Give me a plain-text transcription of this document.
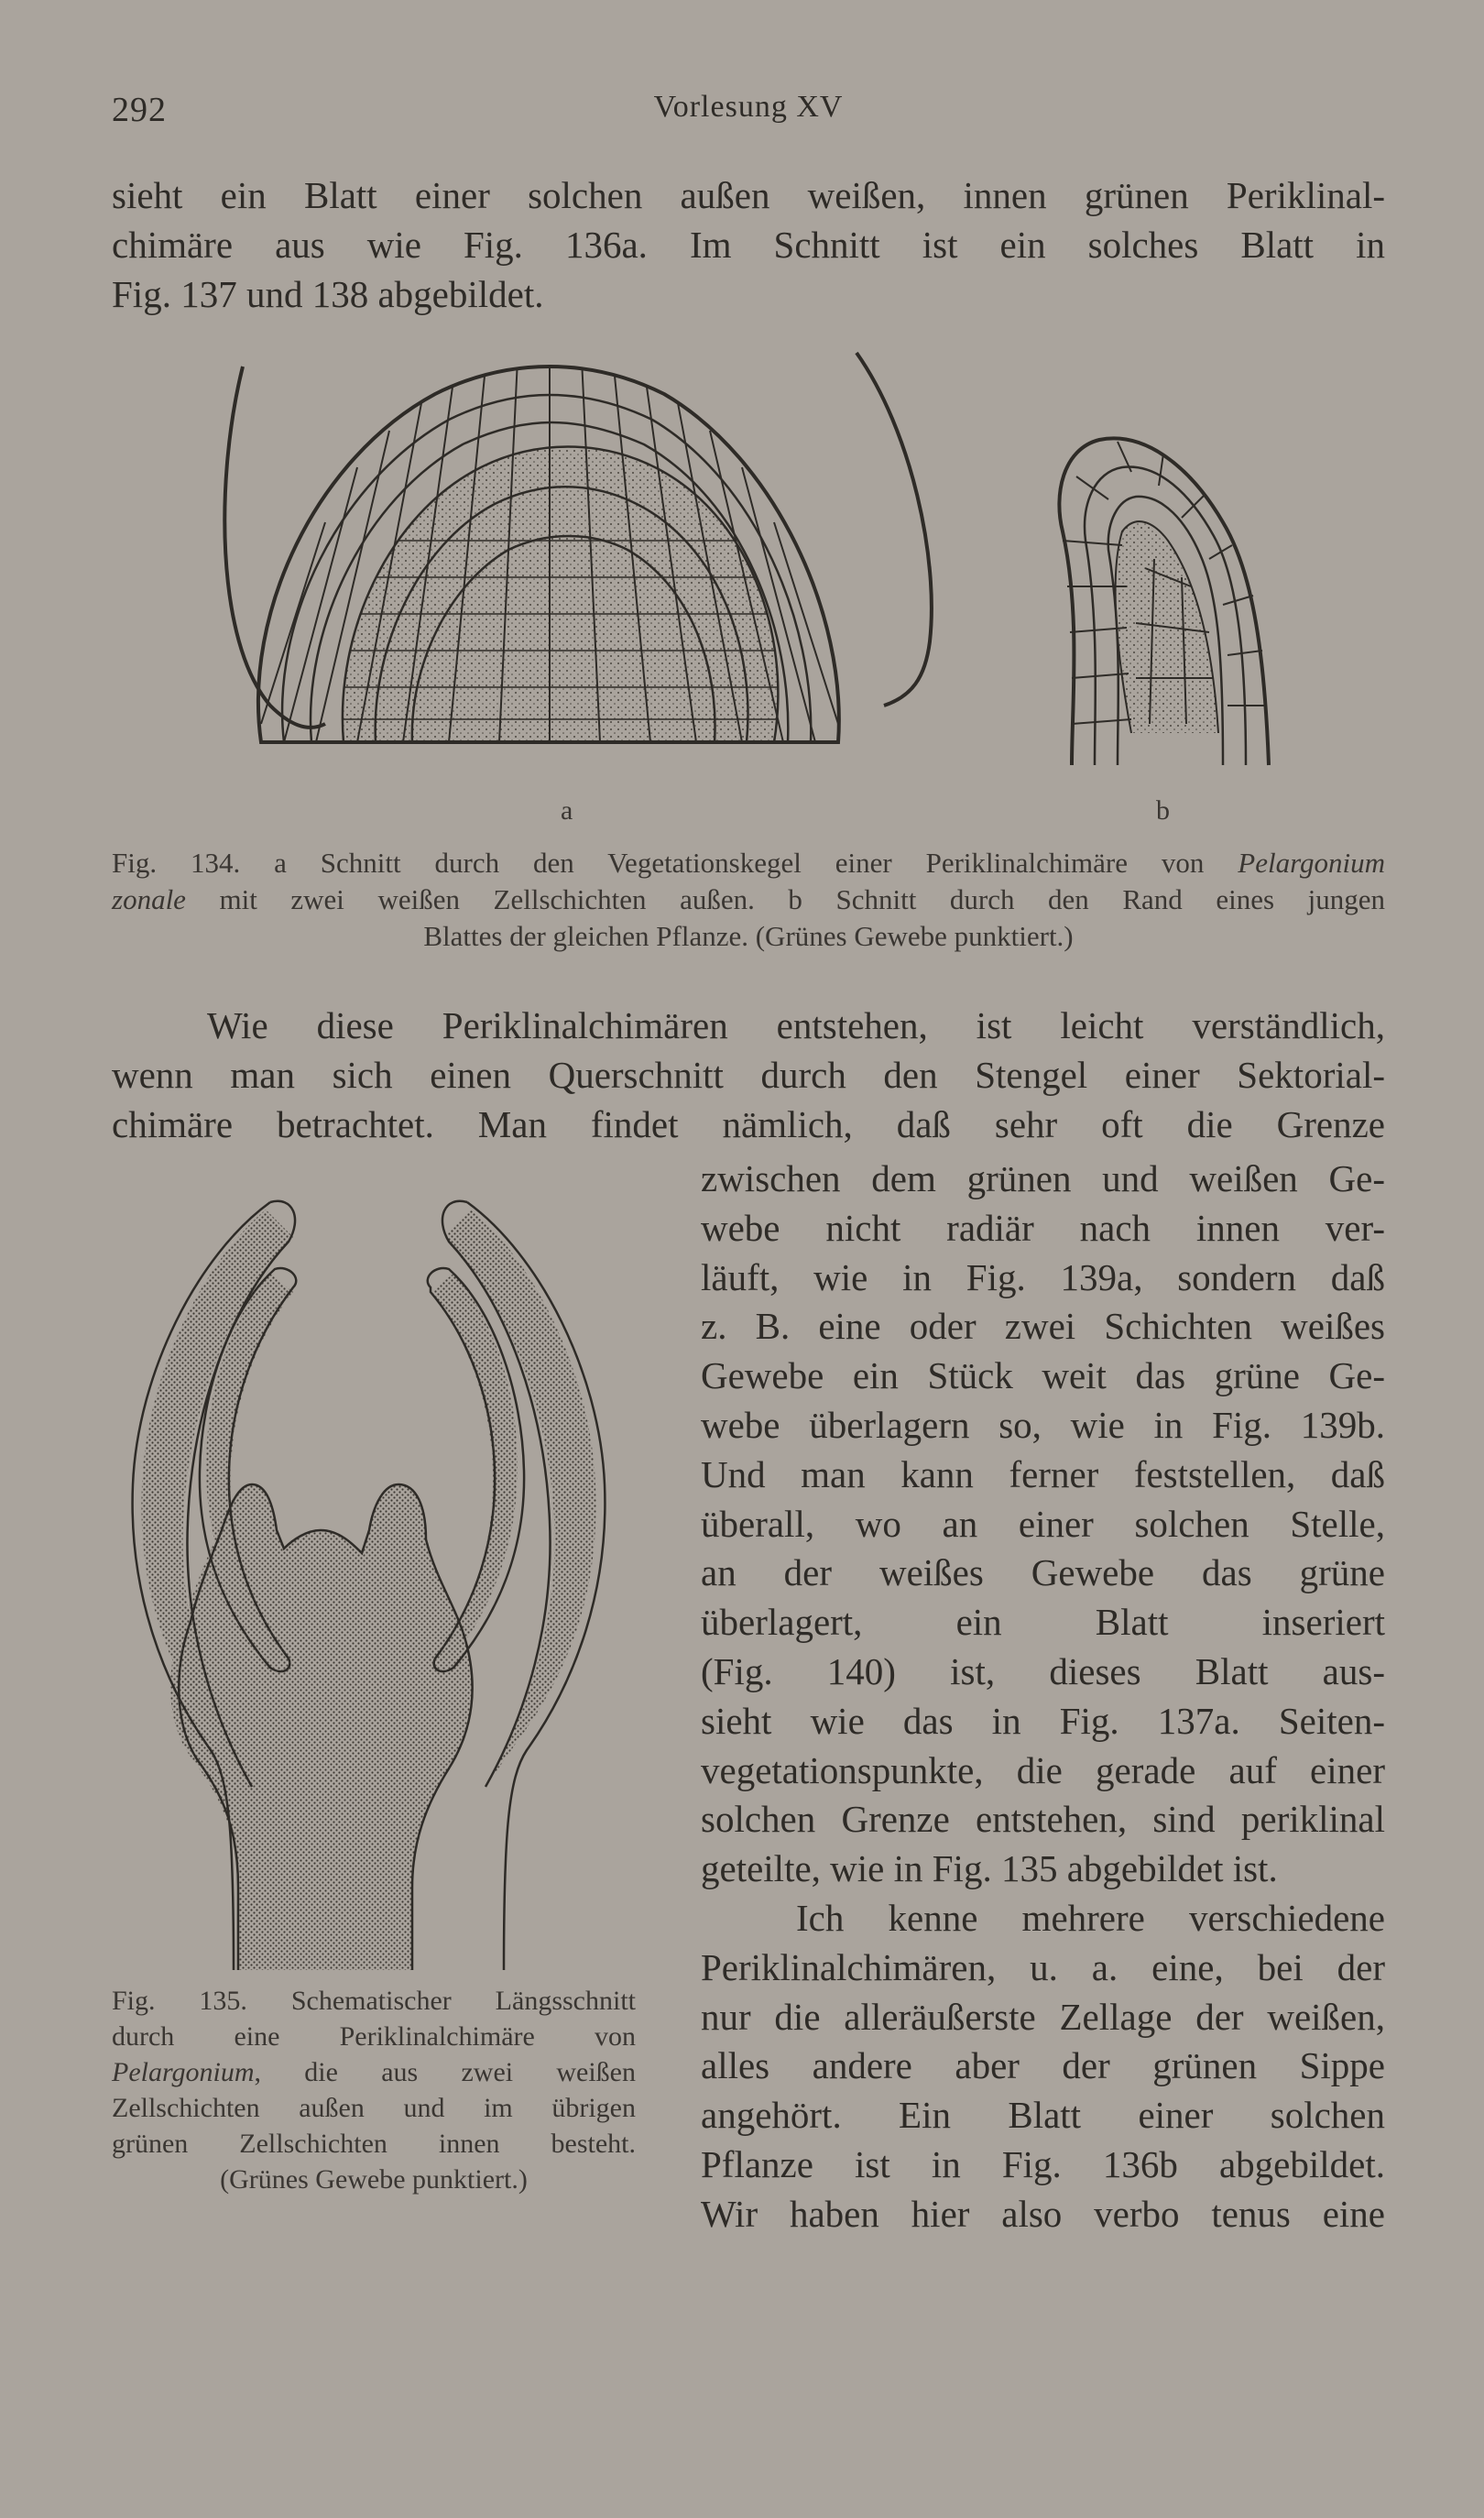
292	Vorlesung XV
sieht ein Blatt einer solchen außen weißen, innen grünen Periklinal-
chimäre aus wie Fig. 136a. Im Schnitt ist ein solches Blatt in
Fig. 137 und 138 abgebildet.
a	b
Fig. 134. a Schnitt durch den Vegetationskegel einer Periklinalchimäre von Pelargonium
zonale mit zwei weißen Zellschichten außen. b Schnitt durch den Rand eines jungen
Blattes der gleichen Pflanze. (Grünes Gewebe punktiert.)
Wie diese Periklinalchimären entstehen, ist leicht verständlich,
wenn man sich einen Querschnitt durch den Stengel einer Sektorial-
chimäre betrachtet. Man findet nämlich, daß sehr oft die Grenze
zwischen dem grünen und weißen Ge-
webe nicht radiär nach innen ver-
läuft, wie in Fig. 139a, sondern daß
z. B. eine oder zwei Schichten weißes
Gewebe ein Stück weit das grüne Ge-
webe überlagern so, wie in Fig. 139b.
Und man kann ferner feststellen, daß
überall, wo an einer solchen Stelle,
an der weißes Gewebe das grüne
überlagert, ein Blatt inseriert
(Fig. 140) ist, dieses Blatt aus-
sieht wie das in Fig. 137a. Seiten-
vegetationspunkte, die gerade auf einer
solchen Grenze entstehen, sind periklinal
geteilte, wie in Fig. 135 abgebildet ist.
Ich kenne mehrere verschiedene
Periklinalchimären, u. a. eine, bei der
nur die alleräußerste Zellage der weißen,
alles andere aber der grünen Sippe
angehört. Ein Blatt einer solchen
Pflanze ist in Fig. 136b abgebildet.
Wir haben hier also verbo tenus eine
Fig. 135. Schematischer Längsschnitt
durch eine Periklinalchimäre von
Pelargonium, die aus zwei weißen
Zellschichten außen und im übrigen
grünen Zellschichten innen besteht.
(Grünes Gewebe punktiert.)
